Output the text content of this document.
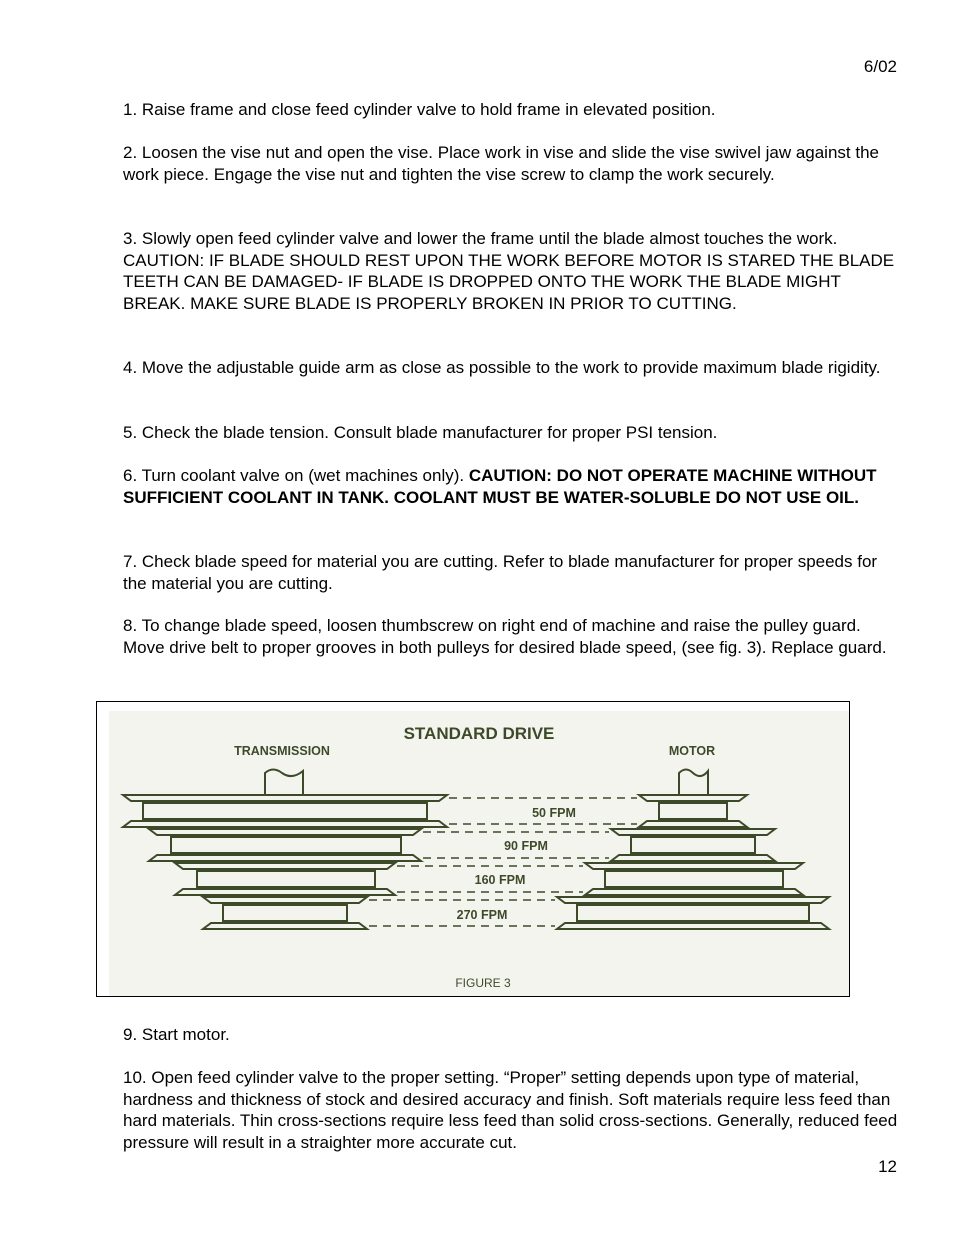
6/02
1. Raise frame and close feed cylinder valve to hold frame in elevated position.
2. Loosen the vise nut and open the vise. Place work in vise and slide the vise swivel jaw against the work piece. Engage the vise nut and tighten the vise screw to clamp the work securely.
3. Slowly open feed cylinder valve and lower the frame until the blade almost touches the work. CAUTION: IF BLADE SHOULD REST UPON THE WORK BEFORE MOTOR IS STARED THE BLADE TEETH CAN BE DAMAGED- IF BLADE IS DROPPED ONTO THE WORK THE BLADE MIGHT BREAK. MAKE SURE BLADE IS PROPERLY BROKEN IN PRIOR TO CUTTING.
4. Move the adjustable guide arm as close as possible to the work to provide maximum blade rigidity.
5. Check the blade tension. Consult blade manufacturer for proper PSI tension.
6. Turn coolant valve on (wet machines only). CAUTION: DO NOT OPERATE MACHINE WITHOUT SUFFICIENT COOLANT IN TANK. COOLANT MUST BE WATER-SOLUBLE DO NOT USE OIL.
7. Check blade speed for material you are cutting. Refer to blade manufacturer for proper speeds for the material you are cutting.
8. To change blade speed, loosen thumbscrew on right end of machine and raise the pulley guard. Move drive belt to proper grooves in both pulleys for desired blade speed, (see fig. 3). Replace guard.
STANDARD DRIVE
TRANSMISSION	MOTOR
50 FPM
90 FPM
160 FPM
270 FPM
FIGURE 3
9. Start motor.
10. Open feed cylinder valve to the proper setting. “Proper” setting depends upon type of material, hardness and thickness of stock and desired accuracy and finish. Soft materials require less feed than hard materials. Thin cross-sections require less feed than solid cross-sections. Generally, reduced feed pressure will result in a straighter more accurate cut.
12
